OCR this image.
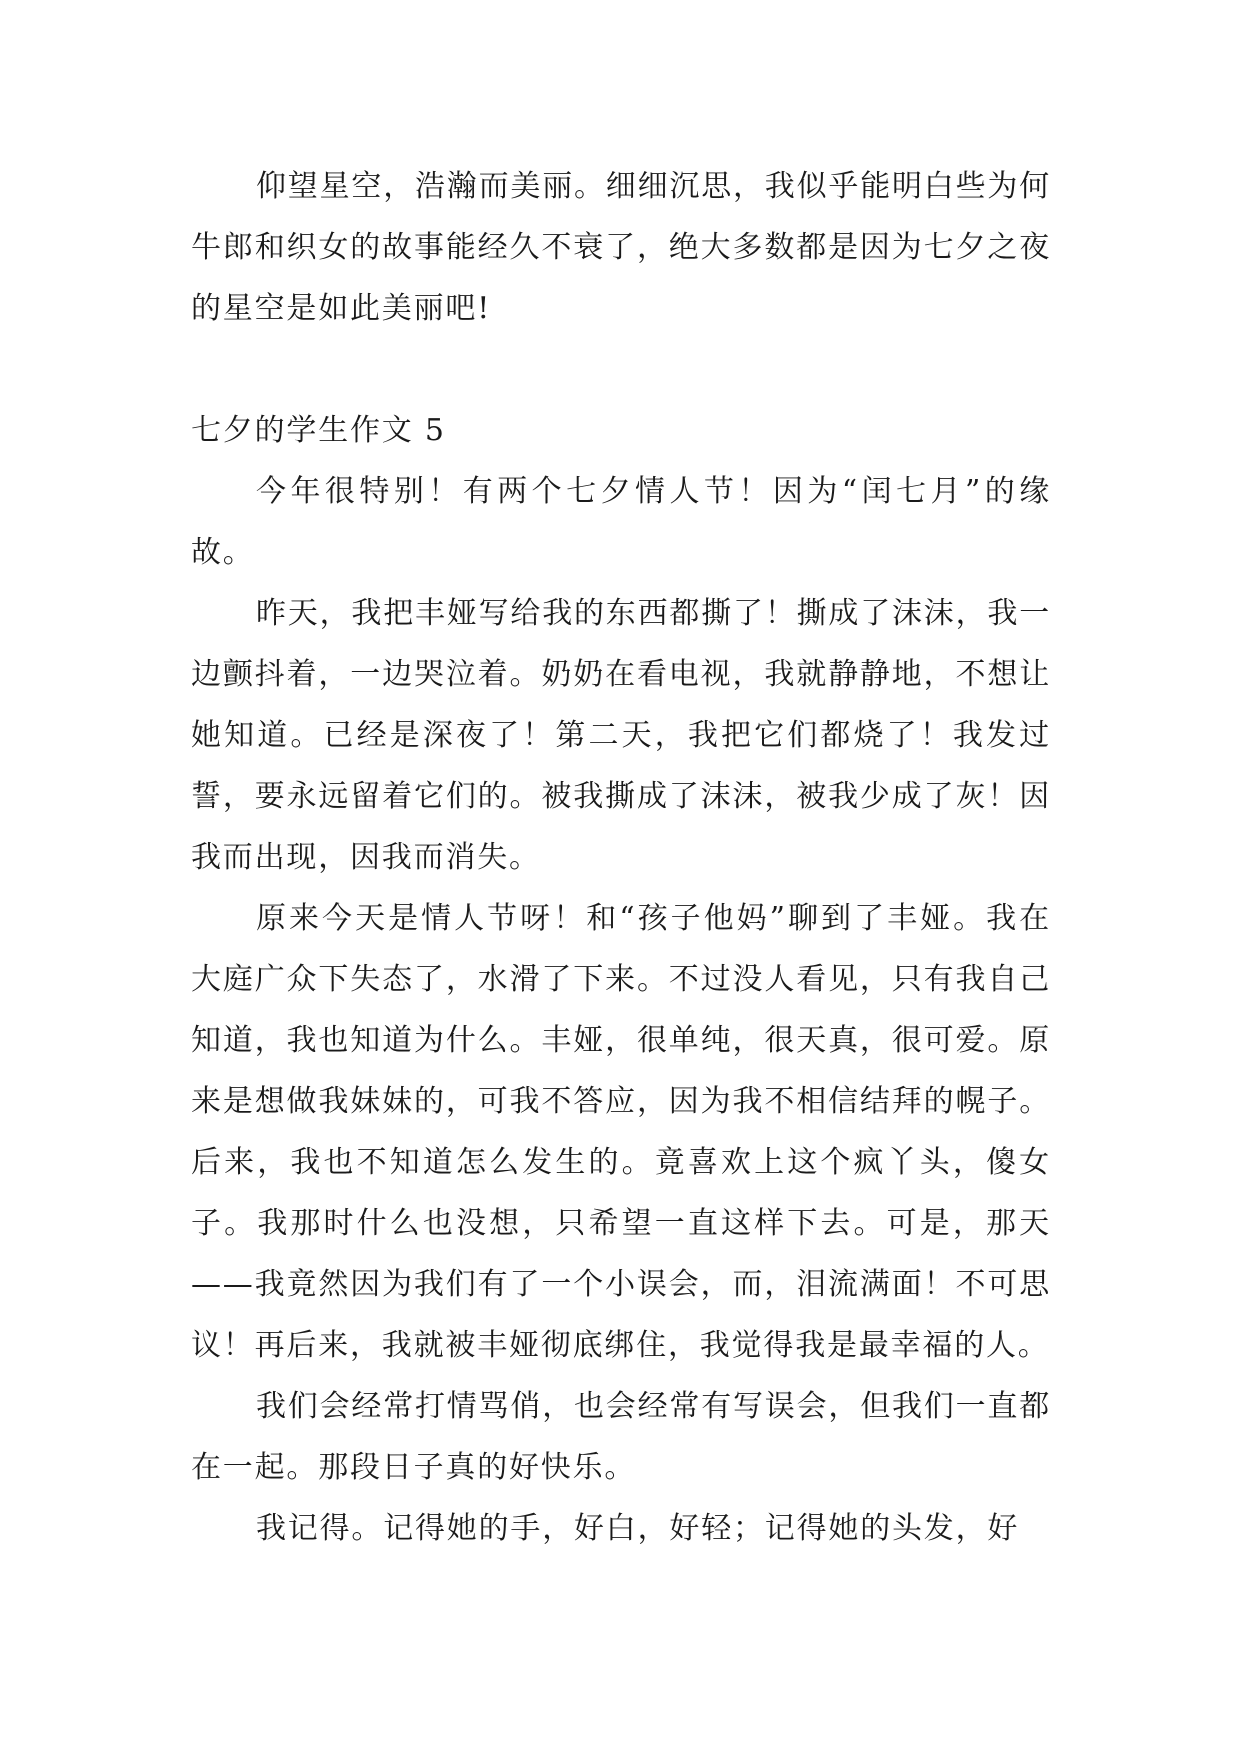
仰望星空，浩瀚而美丽。细细沉思，我似乎能明白些为何牛郎和织女的故事能经久不衰了，绝大多数都是因为七夕之夜的星空是如此美丽吧!

七夕的学生作文 5

今年很特别！有两个七夕情人节！因为“闰七月”的缘故。

昨天，我把丰娅写给我的东西都撕了！撕成了沫沫，我一边颤抖着，一边哭泣着。奶奶在看电视，我就静静地，不想让她知道。已经是深夜了！第二天，我把它们都烧了！我发过誓，要永远留着它们的。被我撕成了沫沫，被我少成了灰！因我而出现，因我而消失。

原来今天是情人节呀！和“孩子他妈”聊到了丰娅。我在大庭广众下失态了，水滑了下来。不过没人看见，只有我自己知道，我也知道为什么。丰娅，很单纯，很天真，很可爱。原来是想做我妹妹的，可我不答应，因为我不相信结拜的幌子。后来，我也不知道怎么发生的。竟喜欢上这个疯丫头，傻女子。我那时什么也没想，只希望一直这样下去。可是，那天——我竟然因为我们有了一个小误会，而，泪流满面！不可思议！再后来，我就被丰娅彻底绑住，我觉得我是最幸福的人。

我们会经常打情骂俏，也会经常有写误会，但我们一直都在一起。那段日子真的好快乐。

我记得。记得她的手，好白，好轻；记得她的头发，好
